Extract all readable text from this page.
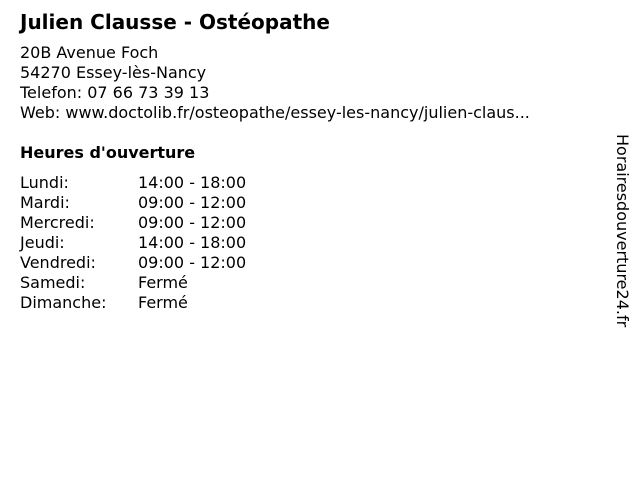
Julien Clausse - Ostéopathe
20B Avenue Foch
54270 Essey-lès-Nancy
Telefon: 07 66 73 39 13
Web: www.doctolib.fr/osteopathe/essey-les-nancy/julien-claus...
Heures d'ouverture
Lundi:	14:00 - 18:00
Mardi:	09:00 - 12:00
Mercredi:	09:00 - 12:00
Jeudi:	14:00 - 18:00
Vendredi:	09:00 - 12:00
Samedi:	Fermé
Dimanche: Fermé	Horairesdouverture24.fr
